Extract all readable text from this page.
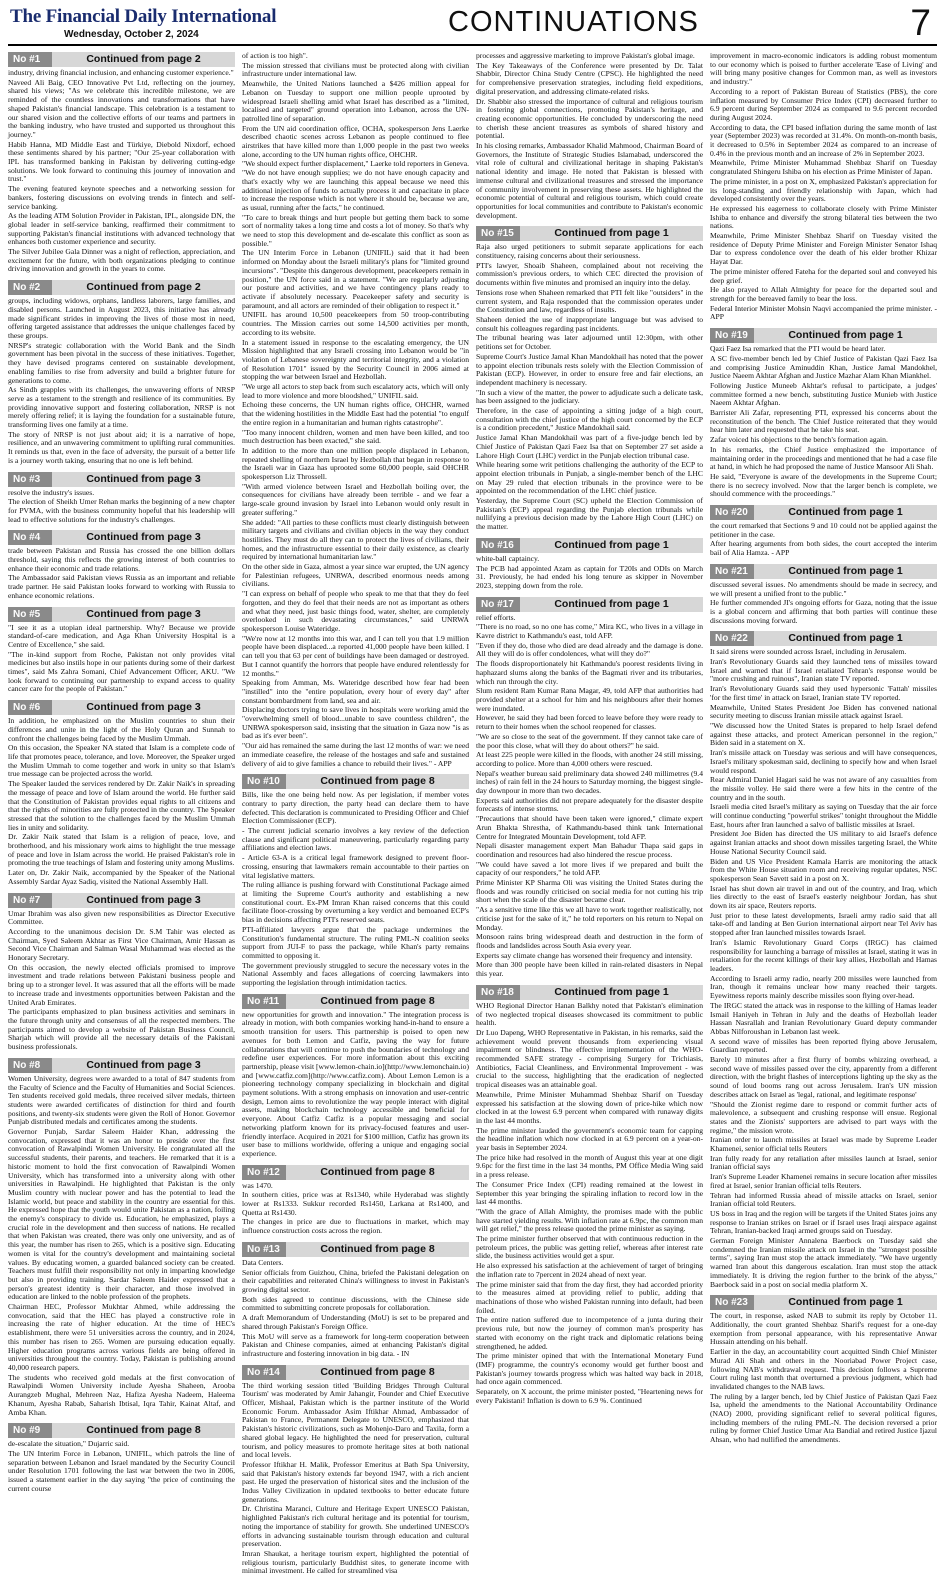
The Financial Daily International
Wednesday, October 2, 2024	CONTINUATIONS	7
No #1	Continued from page 2

industry, driving financial inclusion, and enhancing customer experience."

Naveed Ali Baig, CEO Innovative Pvt Ltd, reflecting on the journey, shared his views; "As we celebrate this incredible milestone, we are reminded of the countless innovations and transformations that have shaped Pakistan's financial landscape. This celebration is a testament to our shared vision and the collective efforts of our teams and partners in the banking industry, who have trusted and supported us throughout this journey."

Habib Hanna, MD Middle East and Türkiye, Diebold Nixdorf, echoed these sentiments shared by his partner; "Our 25-year collaboration with IPL has transformed banking in Pakistan by delivering cutting-edge solutions. We look forward to continuing this journey of innovation and trust."

The evening featured keynote speeches and a networking session for bankers, fostering discussions on evolving trends in fintech and self-service banking.

As the leading ATM Solution Provider in Pakistan, IPL, alongside DN, the global leader in self-service banking, reaffirmed their commitment to supporting Pakistan's financial institutions with advanced technology that enhances both customer experience and security.

The Silver Jubilee Gala Dinner was a night of reflection, appreciation, and excitement for the future, with both organizations pledging to continue driving innovation and growth in the years to come.

No #2	Continued from page 2

groups, including widows, orphans, landless laborers, large families, and disabled persons. Launched in August 2023, this initiative has already made significant strides in improving the lives of those most in need, offering targeted assistance that addresses the unique challenges faced by these groups.

NRSP's strategic collaboration with the World Bank and the Sindh government has been pivotal in the success of these initiatives. Together, they have devised programs centered on sustainable development, enabling families to rise from adversity and build a brighter future for generations to come.

As Sindh grapples with its challenges, the unwavering efforts of NRSP serve as a testament to the strength and resilience of its communities. By providing innovative support and fostering collaboration, NRSP is not merely offering relief; it is laying the foundation for a sustainable future, transforming lives one family at a time.

The story of NRSP is not just about aid; it is a narrative of hope, resilience, and an unwavering commitment to uplifting rural communities. It reminds us that, even in the face of adversity, the pursuit of a better life is a journey worth taking, ensuring that no one is left behind.

No #3	Continued from page 3

resolve the industry's issues.

The election of Sheikh Umer Rehan marks the beginning of a new chapter for PVMA, with the business community hopeful that his leadership will lead to effective solutions for the industry's challenges.

No #4	Continued from page 3

trade between Pakistan and Russia has crossed the one billion dollars threshold, saying this reflects the growing interest of both countries to enhance their economic and trade relations.

The Ambassador said Pakistan views Russia as an important and reliable trade partner. He said Pakistan looks forward to working with Russia to enhance economic relations.

No #5	Continued from page 3

"I see it as a utopian ideal partnership. Why? Because we provide standard-of-care medication, and Aga Khan University Hospital is a Centre of Excellence," she said.

"The in-kind support from Roche, Pakistan not only provides vital medicines but also instils hope in our patients during some of their darkest times", said Ms Zahra Somani, Chief Advancement Officer, AKU. "We look forward to continuing our partnership to expand access to quality cancer care for the people of Pakistan."

No #6	Continued from page 3

In addition, he emphasized on the Muslim countries to shun their differences and unite in the light of the Holy Quran and Sunnah to confront the challenges being faced by the Muslim Ummah.

On this occasion, the Speaker NA stated that Islam is a complete code of life that promotes peace, tolerance, and love. Moreover, the Speaker urged the Muslim Ummah to come together and work in unity so that Islam's true message can be projected across the world.

The Speaker lauded the services rendered by Dr. Zakir Naik's in spreading the message of peace and love of Islam around the world. He further said that the Constitution of Pakistan provides equal rights to all citizens and that the rights of minorities are fully protected in the country. The Speaker stressed that the solution to the challenges faced by the Muslim Ummah lies in unity and solidarity.

Dr. Zakir Naik stated that Islam is a religion of peace, love, and brotherhood, and his missionary work aims to highlight the true message of peace and love in Islam across the world. He praised Pakistan's role in promoting the true teachings of Islam and fostering unity among Muslims.

Later on, Dr. Zakir Naik, accompanied by the Speaker of the National Assembly Sardar Ayaz Sadiq, visited the National Assembly Hall.

No #7	Continued from page 3

Umar Ibrahim was also given new responsibilities as Director Executive Committee.

According to the unanimous decision Dr. S.M Tahir was elected as Chairman, Syed Saleem Akhtar as First Vice Chairman, Amir Hassan as Second Vice Chairman and Salman Wasal Muhammad was elected as the Honorary Secretary.

On this occasion, the newly elected officials promised to improve investment and trade relations between Pakistani business people and bring up to a stronger level. It was assured that all the efforts will be made to increase trade and investments opportunities between Pakistan and the United Arab Emirates.

The participants emphasized to plan business activities and seminars in the future through unity and consensus of all the respected members. The participants aimed to develop a website of Pakistan Business Council, Sharjah which will provide all the necessary details of the Pakistani business professionals.

No #8	Continued from page 3

Women University, degrees were awarded to a total of 847 students from the Faculty of Science and the Faculty of Humanities and Social Sciences. Ten students received gold medals, three received silver medals, thirteen students were awarded certificates of distinction for third and fourth positions, and twenty-six students were given the Roll of Honor. Governor Punjab distributed medals and certificates among the students.

Governor Punjab, Sardar Saleem Haider Khan, addressing the convocation, expressed that it was an honor to preside over the first convocation of Rawalpindi Women University. He congratulated all the successful students, their parents, and teachers. He remarked that it is a historic moment to hold the first convocation of Rawalpindi Women University, which has transformed into a university along with other universities in Rawalpindi. He highlighted that Pakistan is the only Muslim country with nuclear power and has the potential to lead the Islamic world, but peace and stability in the country are essential for this. He expressed hope that the youth would unite Pakistan as a nation, foiling the enemy's conspiracy to divide us. Education, he emphasized, plays a crucial role in the development and then success of nations. He recalled that when Pakistan was created, there was only one university, and as of this year, the number has risen to 265, which is a positive sign. Educating women is vital for the country's development and maintaining societal values. By educating women, a guarded balanced society can be created. Teachers must fulfill their responsibility not only in imparting knowledge but also in providing training. Sardar Saleem Haider expressed that a person's greatest identity is their character, and those involved in education are linked to the noble profession of the prophets.

Chairman HEC, Professor Mukhtar Ahmed, while addressing the convocation, said that the HEC has played a constructive role in increasing the rate of higher education. At the time of HEC's establishment, there were 51 universities across the country, and in 2024, this number has risen to 265. Women are pursuing education equally. Higher education programs across various fields are being offered in universities throughout the country. Today, Pakistan is publishing around 40,000 research papers.

The students who received gold medals at the first convocation of Rawalpindi Women University include Ayesha Shaheen, Aroobа Aurangzeb Mughal, Mehreen Naz, Hafiza Ayesha Nadeem, Haleema Khanum, Ayesha Rabab, Saharish Ibtisal, Iqra Tahir, Kainat Altaf, and Amba Khan.

No #9	Continued from page 8

de-escalate the situation," Dujarric said.

The UN Interim Force in Lebanon, UNIFIL, which patrols the line of separation between Lebanon and Israel mandated by the Security Council under Resolution 1701 following the last war between the two in 2006, issued a statement earlier in the day saying "the price of continuing the current course

of action is too high".

The mission stressed that civilians must be protected along with civilian infrastructure under international law.

Meanwhile, the United Nations launched a $426 million appeal for Lebanon on Tuesday to support one million people uprooted by widespread Israeli shelling amid what Israel has described as a "limited, localised and targeted" ground operation into Lebanon, across the UN-patrolled line of separation.

From the UN aid coordination office, OCHA, spokesperson Jens Laerke described chaotic scenes across Lebanon as people continued to flee airstrikes that have killed more than 1,000 people in the past two weeks alone, according to the UN human rights office, OHCHR.

"We should expect further displacement," Laerke told reporters in Geneva. "We do not have enough supplies; we do not have enough capacity and that's exactly why we are launching this appeal because we need this additional injection of funds to actually process it and capacitate in place to increase the response which is not where it should be, because we are, as usual, running after the facts," he continued.

"To care to break things and hurt people but getting them back to some sort of normality takes a long time and costs a lot of money. So that's why we need to stop this development and de-escalate this conflict as soon as possible."

The UN Interim Force in Lebanon (UNIFIL) said that it had been informed on Monday about the Israeli military's plans for "limited ground incursions". "Despite this dangerous development, peacekeepers remain in position," the UN force said in a statement. "We are regularly adjusting our posture and activities, and we have contingency plans ready to activate if absolutely necessary. Peacekeeper safety and security is paramount, and all actors are reminded of their obligation to respect it."

UNIFIL has around 10,500 peacekeepers from 50 troop-contributing countries. The Mission carries out some 14,500 activities per month, according to its website.

In a statement issued in response to the escalating emergency, the UN Mission highlighted that any Israeli crossing into Lebanon would be "in violation of Lebanese sovereignty and territorial integrity, and a violation of Resolution 1701" issued by the Security Council in 2006 aimed at stopping the war between Israel and Hezbollah.

"We urge all actors to step back from such escalatory acts, which will only lead to more violence and more bloodshed," UNIFIL said.

Echoing these concerns, the UN human rights office, OHCHR, warned that the widening hostilities in the Middle East had the potential "to engulf the entire region in a humanitarian and human rights catastrophe".

"Too many innocent children, women and men have been killed, and too much destruction has been exacted," she said.

In addition to the more than one million people displaced in Lebanon, repeated shelling of northern Israel by Hezbollah that began in response to the Israeli war in Gaza has uprooted some 60,000 people, said OHCHR spokesperson Liz Throssell.

"With armed violence between Israel and Hezbollah boiling over, the consequences for civilians have already been terrible - and we fear a large-scale ground invasion by Israel into Lebanon would only result in greater suffering."

She added: "All parties to these conflicts must clearly distinguish between military targets and civilians and civilian objects in the way they conduct hostilities. They must do all they can to protect the lives of civilians, their homes, and the infrastructure essential to their daily existence, as clearly required by international humanitarian law."

On the other side in Gaza, almost a year since war erupted, the UN agency for Palestinian refugees, UNRWA, described enormous needs among civilians.

"I can express on behalf of people who speak to me that that they do feel forgotten, and they do feel that their needs are not as important as others and what they need, just basic things food, water, shelter, are completely overlooked in such devastating circumstances," said UNRWA spokesperson Louise Wateridge.

"We're now at 12 months into this war, and I can tell you that 1.9 million people have been displaced...a reported 41,000 people have been killed. I can tell you that 63 per cent of buildings have been damaged or destroyed. But I cannot quantify the horrors that people have endured relentlessly for 12 months."

Speaking from Amman, Ms. Wateridge described how fear had been "instilled" into the "entire population, every hour of every day" after constant bombardment from land, sea and air.

Displacing doctors trying to save lives in hospitals were working amid the "overwhelming smell of blood...unable to save countless children", the UNRWA spokesperson said, insisting that the situation in Gaza now "is as bad as it's ever been".

"Our aid has remained the same during the last 12 months of war: we need an immediate ceasefire, the release of the hostages and safe and sustained delivery of aid to give families a chance to rebuild their lives." - APP

No #10	Continued from page 8

Bills, like the one being held now. As per legislation, if member votes contrary to party direction, the party head can declare them to have defected. This declaration is communicated to Presiding Officer and Chief Election Commissioner (ECP).

- The current judicial scenario involves a key review of the defection clause and significant political maneuvering, particularly regarding party affiliations and election laws.

- Article 63-A is a critical legal framework designed to prevent floor-crossing, ensuring that lawmakers remain accountable to their parties on vital legislative matters.

The ruling alliance is pushing forward with Constitutional Package aimed at limiting the Supreme Court's authority and establishing a new constitutional court. Ex-PM Imran Khan raised concerns that this could facilitate floor-crossing by overturning a key verdict and bemoaned ECP's bias in decisions affecting PTI's reserved seats.

PTI-affiliated lawyers argue that the package undermines the Constitution's fundamental structure. The ruling PML-N coalition seeks support from JUI-F to pass the package, while Khan's party remains committed to opposing it.

The government previously struggled to secure the necessary votes in the National Assembly and faces allegations of coercing lawmakers into supporting the legislation through intimidation tactics.

No #11	Continued from page 8

new opportunities for growth and innovation." The integration process is already in motion, with both companies working hand-in-hand to ensure a smooth transition for users. This partnership is poised to open new avenues for both Lemon and Catfiz, paving the way for future collaborations that will continue to push the boundaries of technology and redefine user experiences. For more information about this exciting partnership, please visit [www.lemon-chain.io](http://www.lemonchain.io) and [www.catfiz.com](http://www.catfiz.com). About Lemon Lemon is a pioneering technology company specializing in blockchain and digital payment solutions. With a strong emphasis on innovation and user-centric design, Lemon aims to revolutionize the way people interact with digital assets, making blockchain technology accessible and beneficial for everyone. About Catfiz Catfiz is a popular messaging and social networking platform known for its privacy-focused features and user-friendly interface. Acquired in 2021 for $100 million, Catfiz has grown its user base to millions worldwide, offering a unique and engaging social experience.

No #12	Continued from page 8

was 1470.

In southern cities, price was at Rs1340, while Hyderabad was slightly lower at Rs1333. Sukkur recorded Rs1450, Larkana at Rs1400, and Quetta at Rs1430.

The changes in price are due to fluctuations in market, which may influence construction costs across the region.

No #13	Continued from page 8

Data Centers.

Senior officials from Guizhou, China, briefed the Pakistani delegation on their capabilities and reiterated China's willingness to invest in Pakistan's growing digital sector.

Both sides agreed to continue discussions, with the Chinese side committed to submitting concrete proposals for collaboration.

A draft Memorandum of Understanding (MoU) is set to be prepared and shared through Pakistan's Foreign Office.

This MoU will serve as a framework for long-term cooperation between Pakistan and Chinese companies, aimed at enhancing Pakistan's digital infrastructure and fostering innovation in big data. - IN

No #14	Continued from page 8

The third working session titled 'Building Bridges Through Cultural Tourism' was moderated by Amir Jahangir, Founder and Chief Executive Officer, Mishaal, Pakistan which is the partner institute of the World Economic Forum. Ambassador Asim Iftikhar Ahmad, Ambassador of Pakistan to France, Permanent Delegate to UNESCO, emphasized that Pakistan's historic civilizations, such as Mohenjo-Daro and Taxila, form a shared global legacy. He highlighted the need for preservation, cultural tourism, and policy measures to promote heritage sites at both national and local levels.

Professor Iftikhar H. Malik, Professor Emeritus at Bath Spa University, said that Pakistan's history extends far beyond 1947, with a rich ancient past. He urged the preservation of historical sites and the inclusion of the Indus Valley Civilization in updated textbooks to better educate future generations.

Dr. Christina Maranci, Culture and Heritage Expert UNESCO Pakistan, highlighted Pakistan's rich cultural heritage and its potential for tourism, noting the importance of stability for growth. She underlined UNESCO's efforts in advancing sustainable tourism through education and cultural preservation.

Imran Shaukat, a heritage tourism expert, highlighted the potential of religious tourism, particularly Buddhist sites, to generate income with minimal investment. He called for streamlined visa

processes and aggressive marketing to improve Pakistan's global image.

The Key Takeaways of the Conference were presented by Dr. Talat Shabbir, Director China Study Centre (CPSC). He highlighted the need for comprehensive preservation strategies, including field expeditions, digital preservation, and addressing climate-related risks.

Dr. Shabbir also stressed the importance of cultural and religious tourism in fostering global connections, promoting Pakistan's heritage, and creating economic opportunities. He concluded by underscoring the need to cherish these ancient treasures as symbols of shared history and potential.

In his closing remarks, Ambassador Khalid Mahmood, Chairman Board of Governors, the Institute of Strategic Studies Islamabad, underscored the vital role of cultural and civilizational heritage in shaping Pakistan's national identity and image. He noted that Pakistan is blessed with immense cultural and civilizational treasures and stressed the importance of community involvement in preserving these assets. He highlighted the economic potential of cultural and religious tourism, which could create opportunities for local communities and contribute to Pakistan's economic development.

No #15	Continued from page 1

Raja also urged petitioners to submit separate applications for each constituency, raising concerns about their seriousness.

PTI's lawyer, Shoaib Shaheen, complained about not receiving the commission's previous orders, to which CEC directed the provision of documents within five minutes and promised an inquiry into the delay.

Tensions rose when Shaheen remarked that PTI felt like "outsiders" in the current system, and Raja responded that the commission operates under the Constitution and law, regardless of insults.

Shaheen denied the use of inappropriate language but was advised to consult his colleagues regarding past incidents.

The tribunal hearing was later adjourned until 12:30pm, with other petitions set for October.

Supreme Court's Justice Jamal Khan Mandokhail has noted that the power to appoint election tribunals rests solely with the Election Commission of Pakistan (ECP). However, in order to ensure free and fair elections, an independent machinery is necessary.

"In such a view of the matter, the power to adjudicate such a delicate task, has been assigned to the judiciary.

Therefore, in the case of appointing a sitting judge of a high court, consultation with the chief justice of the high court concerned by the ECP is a condition precedent," Justice Mandokhail said.

Justice Jamal Khan Mandokhail was part of a five-judge bench led by Chief Justice of Pakistan Qazi Faez Isa that on September 27 set aside a Lahore High Court (LHC) verdict in the Punjab election tribunal case.

While hearing some writ petitions challenging the authority of the ECP to appoint election tribunals in Punjab, a single-member bench of the LHC on May 29 ruled that election tribunals in the province were to be appointed on the recommendation of the LHC chief justice.

Yesterday, the Supreme Court (SC) upheld the Election Commission of Pakistan's (ECP) appeal regarding the Punjab election tribunals while nullifying a previous decision made by the Lahore High Court (LHC) on the matter.

No #16	Continued from page 1

white-ball captaincy.

The PCB had appointed Azam as captain for T20Is and ODIs on March 31. Previously, he had ended his long tenure as skipper in November 2023, stepping down from the role.

No #17	Continued from page 1

relief efforts.

"There is no road, so no one has come," Mira KC, who lives in a village in Kavre district to Kathmandu's east, told AFP.

"Even if they do, those who died are dead already and the damage is done. All they will do is offer condolences, what will they do?"

The floods disproportionately hit Kathmandu's poorest residents living in haphazard slums along the banks of the Bagmati river and its tributaries, which run through the city.

Slum resident Ram Kumar Rana Magar, 49, told AFP that authorities had provided shelter at a school for him and his neighbours after their homes were inundated.

However, he said they had been forced to leave before they were ready to return to their homes when the school reopened for classes.

"We are so close to the seat of the government. If they cannot take care of the poor this close, what will they do about others?" he said.

At least 225 people were killed in the floods, with another 24 still missing, according to police. More than 4,000 others were rescued.

Nepal's weather bureau said preliminary data showed 240 millimetres (9.4 inches) of rain fell in the 24 hours to Saturday morning, the biggest single-day downpour in more than two decades.

Experts said authorities did not prepare adequately for the disaster despite forecasts of intense storms.

"Precautions that should have been taken were ignored," climate expert Arun Bhakta Shrestha, of Kathmandu-based think tank International Centre for Integrated Mountain Development, told AFP.

Nepali disaster management expert Man Bahadur Thapa said gaps in coordination and resources had also hindered the rescue process.

"We could have saved a lot more lives if we prepared and built the capacity of our responders," he told AFP.

Prime Minister KP Sharma Oli was visiting the United States during the floods and was roundly criticised on social media for not cutting his trip short when the scale of the disaster became clear.

"As a sensitive time like this we all have to work together realistically, not criticise just for the sake of it," he told reporters on his return to Nepal on Monday.

Monsoon rains bring widespread death and destruction in the form of floods and landslides across South Asia every year.

Experts say climate change has worsened their frequency and intensity.

More than 300 people have been killed in rain-related disasters in Nepal this year.

No #18	Continued from page 1

WHO Regional Director Hanan Balkhy noted that Pakistan's elimination of two neglected tropical diseases showcased its commitment to public health.

Dr Luo Dapeng, WHO Representative in Pakistan, in his remarks, said the achievement would prevent thousands from experiencing visual impairment or blindness. The effective implementation of the WHO-recommended SAFE strategy - comprising Surgery for Trichiasis, Antibiotics, Facial Cleanliness, and Environmental Improvement - was crucial to the success, highlighting that the eradication of neglected tropical diseases was an attainable goal.

Meanwhile, Prime Minister Muhammad Shehbaz Sharif on Tuesday expressed his satisfaction at the slowing down of price-hike which now clocked in at the lowest 6.9 percent when compared with runaway digits in the last 44 months.

The prime minister lauded the government's economic team for capping the headline inflation which now clocked in at 6.9 percent on a year-on-year basis in September 2024.

The price hike had resolved in the month of August this year at one digit 9.6pc for the first time in the last 34 months, PM Office Media Wing said in a press release.

The Consumer Price Index (CPI) reading remained at the lowest in September this year bringing the spiraling inflation to record low in the last 44 months.

"With the grace of Allah Almighty, the promises made with the public have started yielding results. With inflation rate at 6.9pc, the common man will get relief," the press release quoted the prime minister as saying.

The prime minister further observed that with continuous reduction in the petroleum prices, the public was getting relief, whereas after interest rate slide, the business activities would get a spur.

He also expressed his satisfaction at the achievement of target of bringing the inflation rate to 7percent in 2024 ahead of next year.

The prime minister said that from the day first, they had accorded priority to the measures aimed at providing relief to public, adding that machinations of those who wished Pakistan running into default, had been foiled.

The entire nation suffered due to incompetence of a junta during their previous rule, but now the journey of common man's prosperity has started with economy on the right track and diplomatic relations being strengthened, he added.

The prime minister opined that with the International Monetary Fund (IMF) programme, the country's economy would get further boost and Pakistan's journey towards progress which was halted way back in 2018, had once again commenced.

Separately, on X account, the prime minister posted, "Heartening news for every Pakistani! Inflation is down to 6.9 %. Continued

improvement in macro-economic indicators is adding robust momentum to our economy which is poised to further accelerate 'Ease of Living' and will bring many positive changes for Common man, as well as investors and industry."

According to a report of Pakistan Bureau of Statistics (PBS), the core inflation measured by Consumer Price Index (CPI) decreased further to 6.9 percent during September 2024 as compared to 9.6 percent recorded during August 2024.

According to data, the CPI based inflation during the same month of last year (September 2023) was recorded at 31.4%. On month-on-month basis, it decreased to 0.5% in September 2024 as compared to an increase of 0.4% in the previous month and an increase of 2% in September 2023.

Meanwhile, Prime Minister Muhammad Shehbaz Sharif on Tuesday congratulated Shingeru Ishiba on his election as Prime Minister of Japan.

The prime minister, in a post on X, emphasized Pakistan's appreciation for its long-standing and friendly relationship with Japan, which had developed consistently over the years.

He expressed his eagerness to collaborate closely with Prime Minister Ishiba to enhance and diversify the strong bilateral ties between the two nations.

Meanwhile, Prime Minister Shehbaz Sharif on Tuesday visited the residence of Deputy Prime Minister and Foreign Minister Senator Ishaq Dar to express condolence over the death of his elder brother Khizar Hayat Dar.

The prime minister offered Fateha for the departed soul and conveyed his deep grief.

He also prayed to Allah Almighty for peace for the departed soul and strength for the bereaved family to bear the loss.

Federal Interior Minister Mohsin Naqvi accompanied the prime minister. - APP

No #19	Continued from page 1

Qazi Faez Isa remarked that the PTI would be heard later.

A SC five-member bench led by Chief Justice of Pakistan Qazi Faez Isa and comprising Justice Aminuddin Khan, Justice Jamal Mandokhel, Justice Naeem Akhtar Afghan and Justice Mazhar Alam Khan Miankhel.

Following Justice Muneeb Akhtar's refusal to participate, a judges' committee formed a new bench, substituting Justice Munieb with Justice Naeem Akhtar Afghan.

Barrister Ali Zafar, representing PTI, expressed his concerns about the reconstitution of the bench. The Chief Justice reiterated that they would hear him later and requested that he take his seat.

Zafar voiced his objections to the bench's formation again.

In his remarks, the Chief Justice emphasized the importance of maintaining order in the proceedings and mentioned that he had a case file at hand, in which he had proposed the name of Justice Mansoor Ali Shah.

He said, "Everyone is aware of the developments in the Supreme Court; there is no secrecy involved. Now that the larger bench is complete, we should commence with the proceedings."

No #20	Continued from page 1

the court remarked that Sections 9 and 10 could not be applied against the petitioner in the case.

After hearing arguments from both sides, the court accepted the interim bail of Alia Hamza. - APP

No #21	Continued from page 1

discussed several issues. No amendments should be made in secrecy, and we will present a unified front to the public."

He further commended JI's ongoing efforts for Gaza, noting that the issue is a global concern and affirming that both parties will continue these discussions moving forward.

No #22	Continued from page 1

It said sirens were sounded across Israel, including in Jerusalem.

Iran's Revolutionary Guards said they launched tens of missiles toward Israel and warned that if Israel retaliated Tehran's response would be "more crushing and ruinous", Iranian state TV reported.

Iran's Revolutionary Guards said they used hypersonic 'Fattah' missiles 'for the first time' in attack on Israel, Iranian state TV reported.

Meanwhile, United States President Joe Biden has convened national security meeting to discuss Iranian missile attack against Israel.

"We discussed how the United States is prepared to help Israel defend against these attacks, and protect American personnel in the region," Biden said in a statement on X.

Iran's missile attack on Tuesday was serious and will have consequences, Israel's military spokesman said, declining to specify how and when Israel would respond.

Rear Admiral Daniel Hagari said he was not aware of any casualties from the missile volley. He said there were a few hits in the centre of the country and in the south.

Israeli media cited Israel's military as saying on Tuesday that the air force will continue conducting "powerful strikes" tonight throughout the Middle East, hours after Iran launched a salvo of ballistic missiles at Israel.

President Joe Biden has directed the US military to aid Israel's defence against Iranian attacks and shoot down missiles targeting Israel, the White House National Security Council said.

Biden and US Vice President Kamala Harris are monitoring the attack from the White House situation room and receiving regular updates, NSC spokesperson Sean Savett said in a post on X.

Israel has shut down air travel in and out of the country, and Iraq, which lies directly to the east of Israel's easterly neighbour Jordan, has shut down its air space, Reuters reports.

Just prior to these latest developments, Israeli army radio said that all take-off and landing at Ben Gurion international airport near Tel Aviv has stopped after Iran launched missiles towards Israel.

Iran's Islamic Revolutionary Guard Corps (IRGC) has claimed responsibility for launching a barrage of missiles at Israel, stating it was in retaliation for the recent killings of their key allies, Hezbollah and Hamas leaders.

According to Israeli army radio, nearly 200 missiles were launched from Iran, though it remains unclear how many reached their targets. Eyewitness reports mainly describe missiles soon flying over-head.

The IRGC stated the attack was in response to the killing of Hamas leader Ismail Haniyeh in Tehran in July and the deaths of Hezbollah leader Hassan Nasrallah and Iranian Revolutionary Guard deputy commander Abbas Nilforoushan in Lebanon last week.

A second wave of missiles has been reported flying above Jerusalem, Guardian reported.

Barely 10 minutes after a first flurry of bombs whizzing overhead, a second wave of missiles passed over the city, apparently from a different direction, with the bright flashes of interceptions lighting up the sky as the sound of loud booms rang out across Jerusalem. Iran's UN mission describes attack on Israel as 'legal, rational, and legitimate response'

"Should the Zionist regime dare to respond or commit further acts of malevolence, a subsequent and crushing response will ensue. Regional states and the Zionists' supporters are advised to part ways with the regime," the mission wrote.

Iranian order to launch missiles at Israel was made by Supreme Leader Khamenei, senior official tells Reuters

Iran fully ready for any retaliation after missiles launch at Israel, senior Iranian official says

Iran's Supreme Leader Khamenei remains in secure location after missiles fired at Israel, senior Iranian official tells Reuters.

Tehran had informed Russia ahead of missile attacks on Israel, senior Iranian official told Reuters.

US boss in Iraq and the region will be targets if the United States joins any response to Iranian strikes on Israel or if Israel uses Iraqi airspace against Tehran, Iranian-backed Iraqi armed groups said on Tuesday.

German Foreign Minister Annalena Baerbock on Tuesday said she condemned the Iranian missile attack on Israel in the "strongest possible terms", saying Iran must stop the attack immediately. "We have urgently warned Iran about this dangerous escalation. Iran must stop the attack immediately. It is driving the region further to the brink of the abyss," Baerbock said in a post on social media platform X.

No #23	Continued from page 1

The court, in response, asked NAB to submit its reply by October 11. Additionally, the court granted Shehbaz Sharif's request for a one-day exemption from personal appearance, with his representative Anwar Hussain attending on his behalf.

Earlier in the day, an accountability court acquitted Sindh Chief Minister Murad Ali Shah and others in the Nooriabad Power Project case, following NAB's withdrawal request. This decision follows a Supreme Court ruling last month that overturned a previous judgment, which had invalidated changes to the NAB laws.

The ruling by a larger bench, led by Chief Justice of Pakistan Qazi Faez Isa, upheld the amendments to the National Accountability Ordinance (NAO) 2000, providing significant relief to several political figures, including members of the ruling PML-N. The decision reversed a prior ruling by former Chief Justice Umar Ata Bandial and retired Justice Ijazul Ahsan, who had nullified the amendments.
